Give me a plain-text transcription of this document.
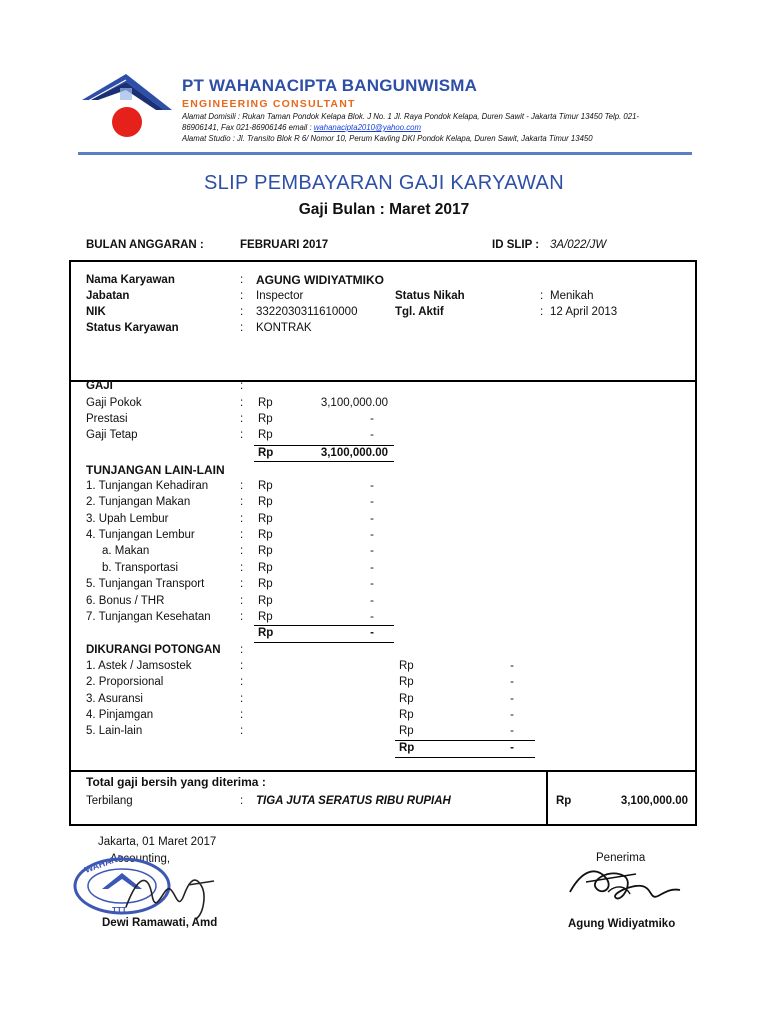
PT WAHANACIPTA BANGUNWISMA
ENGINEERING CONSULTANT
Alamat Domisili : Rukan Taman Pondok Kelapa Blok. J No. 1 Jl. Raya Pondok Kelapa, Duren Sawit - Jakarta Timur 13450 Telp. 021-
86906141, Fax 021-86906146 email : wahanacipta2010@yahoo.com
Alamat Studio : Jl. Transito Blok R 6/ Nomor 10, Perum Kavling DKI Pondok Kelapa, Duren Sawit, Jakarta Timur 13450
SLIP PEMBAYARAN GAJI KARYAWAN
Gaji Bulan : Maret 2017
BULAN ANGGARAN :	FEBRUARI 2017	ID SLIP : 3A/022/JW
Nama Karyawan	: AGUNG WIDIYATMIKO
Jabatan	: Inspector	Status Nikah	: Menikah
NIK	: 3322030311610000	Tgl. Aktif	: 12 April 2013
Status Karyawan	: KONTRAK
GAJI	:
Gaji Pokok	: Rp	3,100,000.00
Prestasi	: Rp	-
Gaji Tetap	: Rp	-
Rp	3,100,000.00
TUNJANGAN LAIN-LAIN
1. Tunjangan Kehadiran	: Rp	-
2. Tunjangan Makan	: Rp	-
3. Upah Lembur	: Rp	-
4. Tunjangan Lembur	: Rp	-
a. Makan	: Rp	-
b. Transportasi	: Rp	-
5. Tunjangan Transport	: Rp	-
6. Bonus / THR	: Rp	-
7. Tunjangan Kesehatan	: Rp	-
Rp	-
DIKURANGI POTONGAN :
1. Astek / Jamsostek	:	Rp	-
2. Proporsional	:	Rp	-
3. Asuransi	:	Rp	-
4. Pinjamgan	:	Rp	-
5. Lain-lain	:	Rp	-
Rp	-
Total gaji bersih yang diterima :
Terbilang	: TIGA JUTA SERATUS RIBU RUPIAH	Rp	3,100,000.00
Jakarta, 01 Maret 2017
Accounting,
WAHANA
TTT
Dewi Ramawati, Amd
Penerima
Agung Widiyatmiko
